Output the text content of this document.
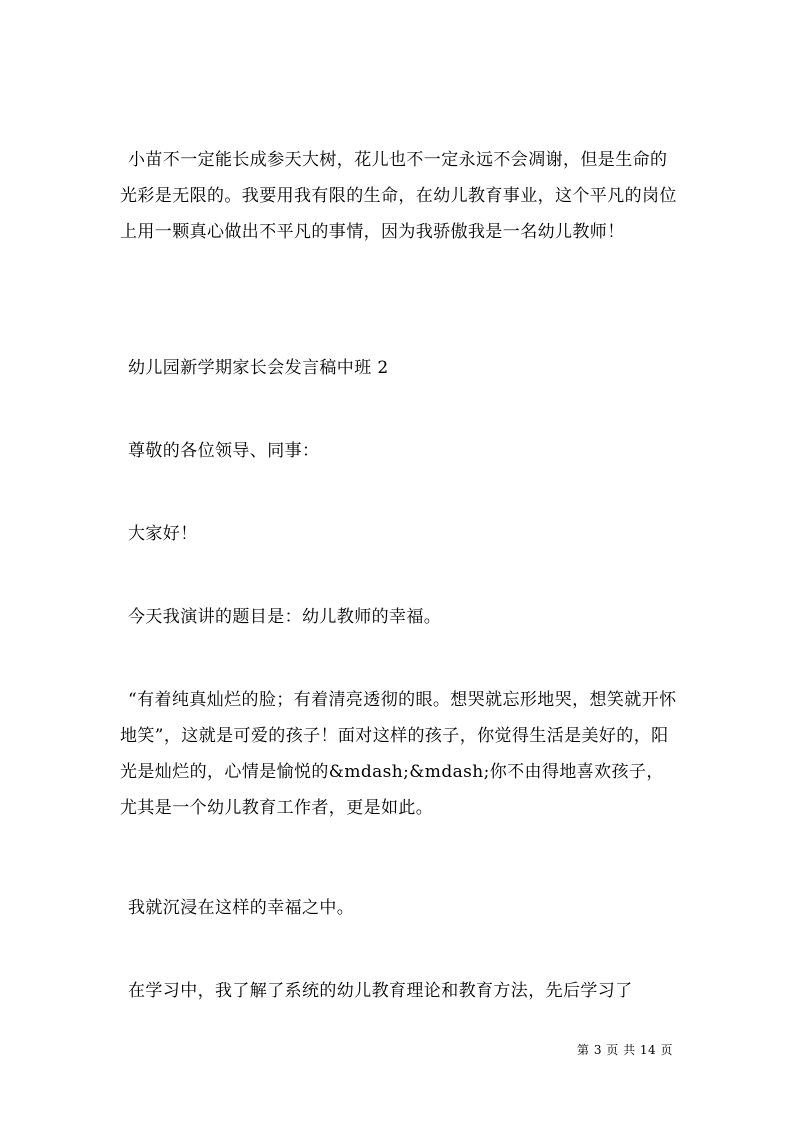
小苗不一定能长成参天大树，花儿也不一定永远不会凋谢，但是生命的光彩是无限的。我要用我有限的生命，在幼儿教育事业，这个平凡的岗位上用一颗真心做出不平凡的事情，因为我骄傲我是一名幼儿教师！

幼儿园新学期家长会发言稿中班 2

尊敬的各位领导、同事：

大家好！

今天我演讲的题目是：幼儿教师的幸福。

“有着纯真灿烂的脸；有着清亮透彻的眼。想哭就忘形地哭，想笑就开怀地笑”，这就是可爱的孩子！面对这样的孩子，你觉得生活是美好的，阳光是灿烂的，心情是愉悦的&mdash;&mdash;你不由得地喜欢孩子，尤其是一个幼儿教育工作者，更是如此。

我就沉浸在这样的幸福之中。

在学习中，我了解了系统的幼儿教育理论和教育方法，先后学习了

第 3 页 共 14 页
